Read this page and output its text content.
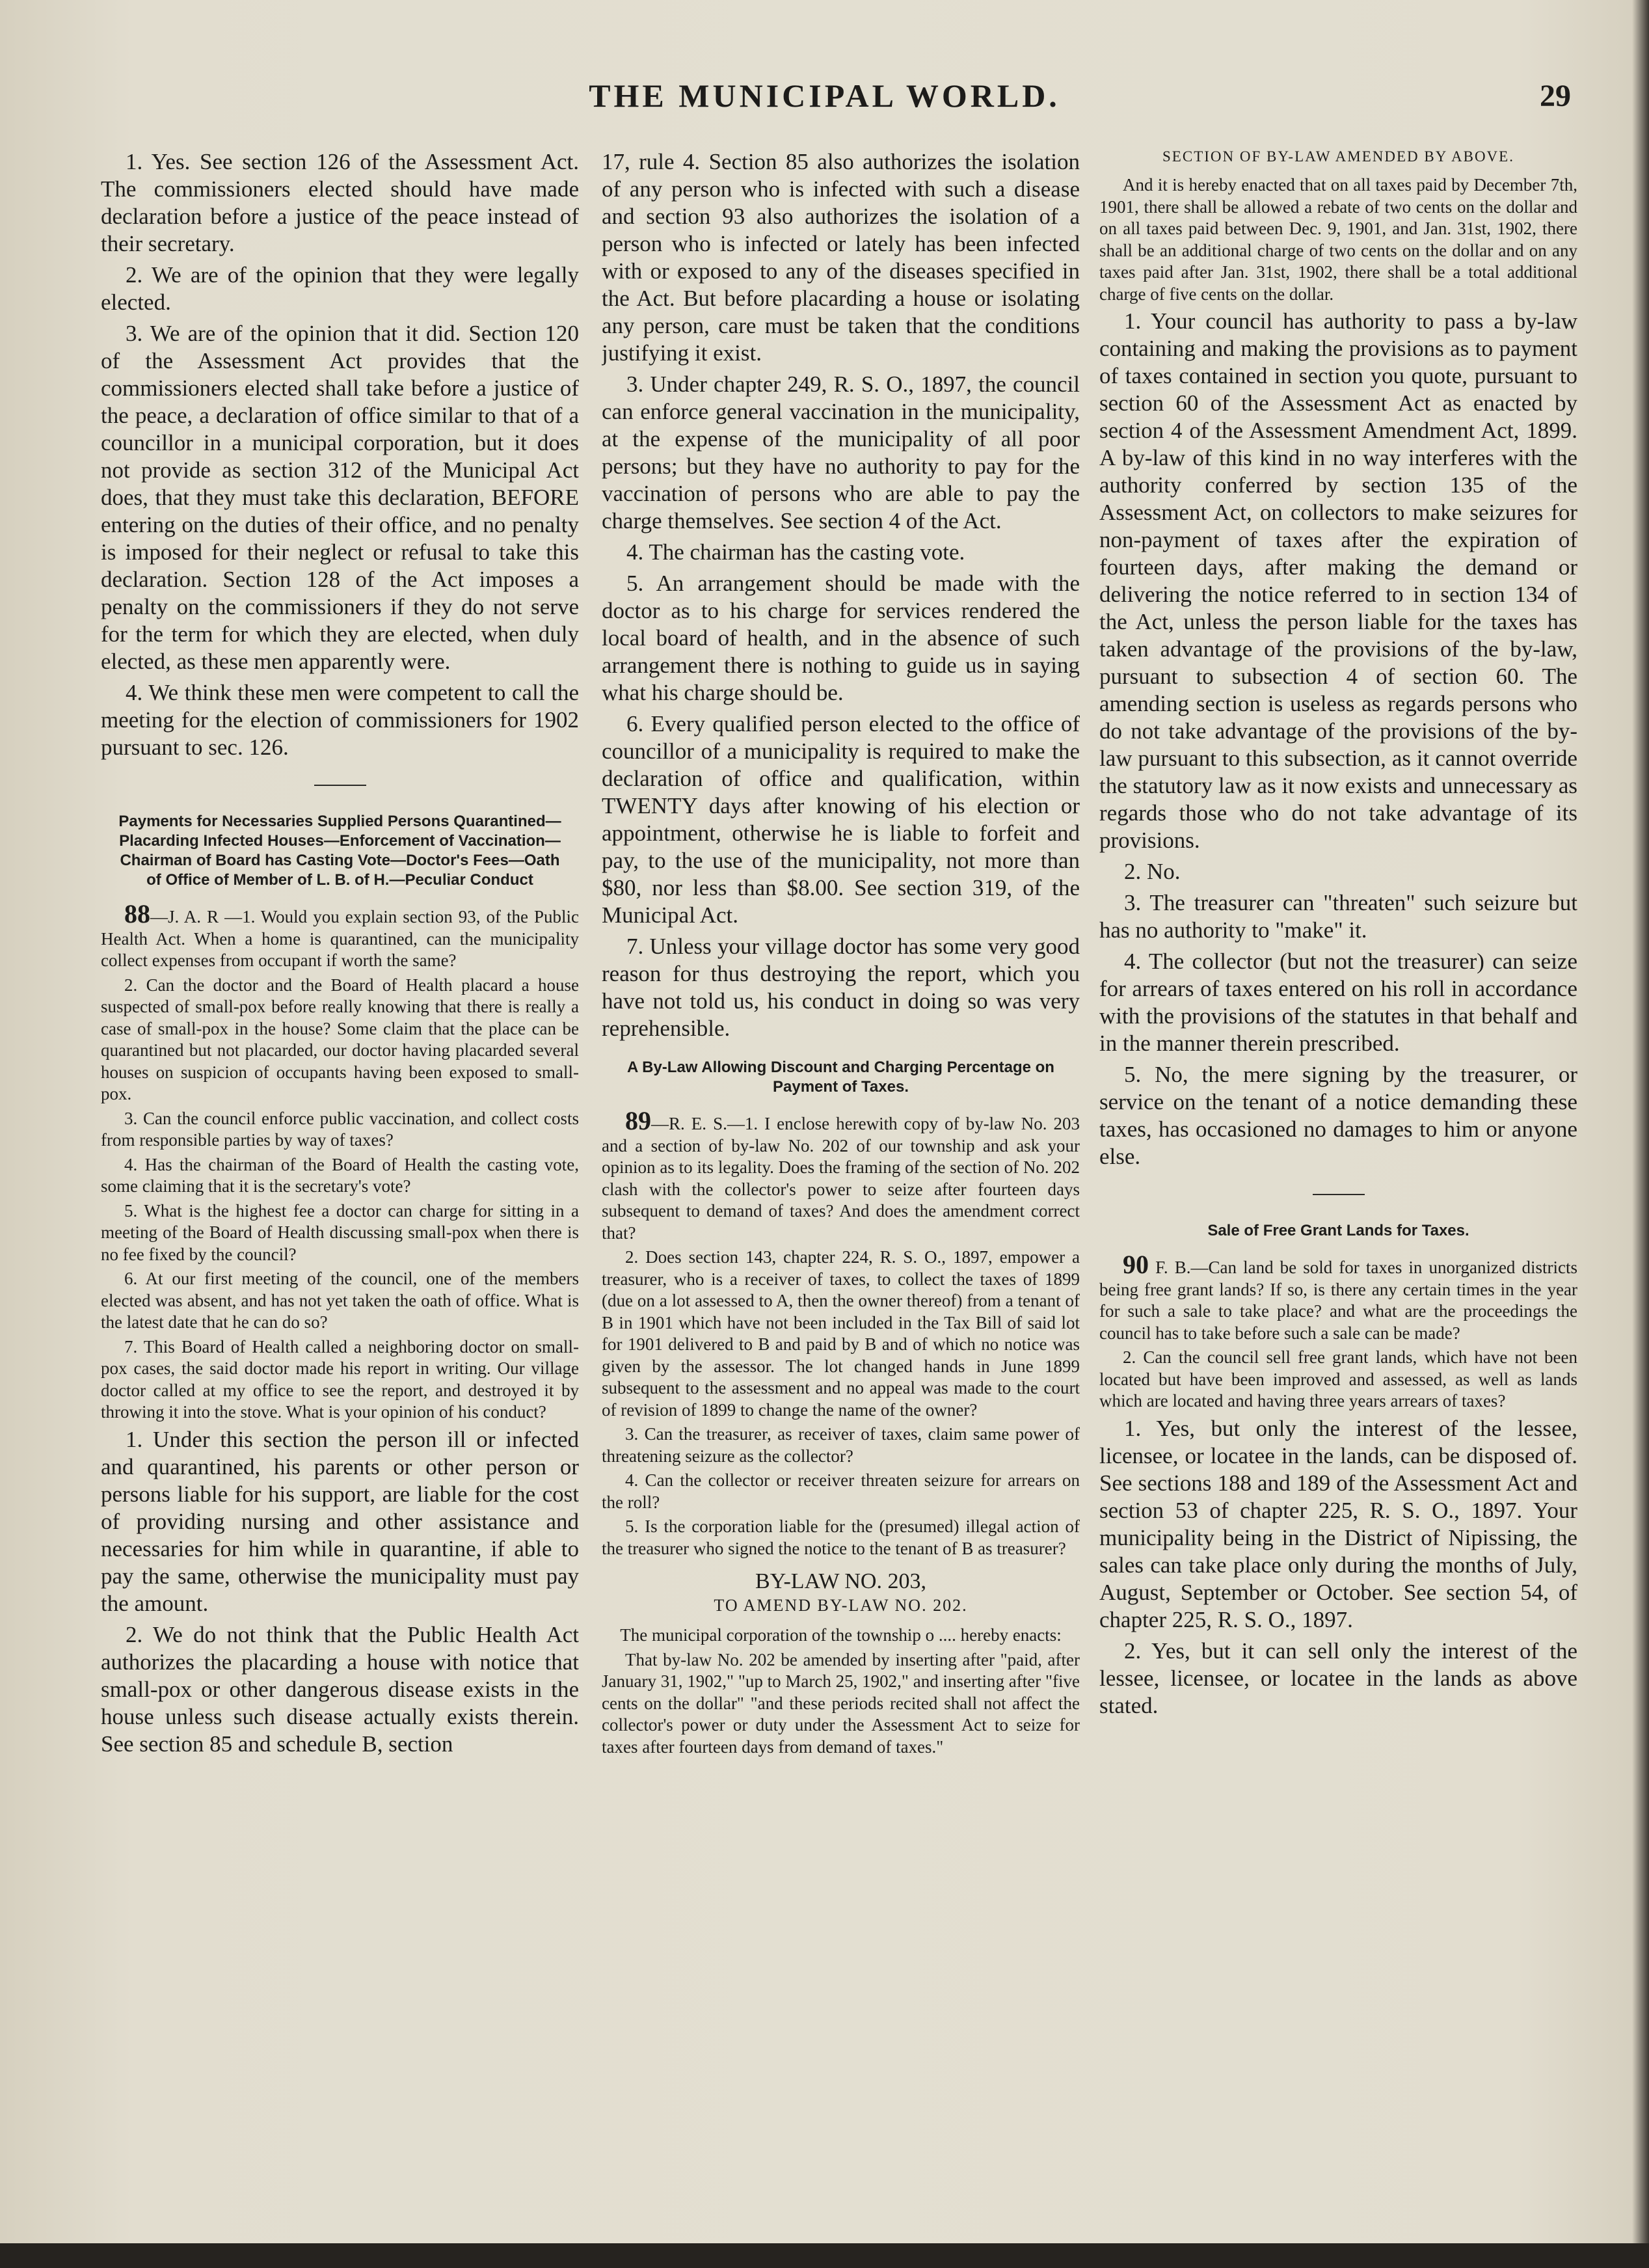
THE MUNICIPAL WORLD.	29

1. Yes. See section 126 of the Assessment Act. The commissioners elected should have made declaration before a justice of the peace instead of their secretary.

2. We are of the opinion that they were legally elected.

3. We are of the opinion that it did. Section 120 of the Assessment Act provides that the commissioners elected shall take before a justice of the peace, a declaration of office similar to that of a councillor in a municipal corporation, but it does not provide as section 312 of the Municipal Act does, that they must take this declaration, BEFORE entering on the duties of their office, and no penalty is imposed for their neglect or refusal to take this declaration. Section 128 of the Act imposes a penalty on the commissioners if they do not serve for the term for which they are elected, when duly elected, as these men apparently were.

4. We think these men were competent to call the meeting for the election of commissioners for 1902 pursuant to sec. 126.

Payments for Necessaries Supplied Persons Quarantined—Placarding Infected Houses—Enforcement of Vaccination—Chairman of Board has Casting Vote—Doctor's Fees—Oath of Office of Member of L. B. of H.—Peculiar Conduct

88—J. A. R —1. Would you explain section 93, of the Public Health Act. When a home is quarantined, can the municipality collect expenses from occupant if worth the same?

2. Can the doctor and the Board of Health placard a house suspected of small-pox before really knowing that there is really a case of small-pox in the house? Some claim that the place can be quarantined but not placarded, our doctor having placarded several houses on suspicion of occupants having been exposed to small-pox.

3. Can the council enforce public vaccination, and collect costs from responsible parties by way of taxes?

4. Has the chairman of the Board of Health the casting vote, some claiming that it is the secretary's vote?

5. What is the highest fee a doctor can charge for sitting in a meeting of the Board of Health discussing small-pox when there is no fee fixed by the council?

6. At our first meeting of the council, one of the members elected was absent, and has not yet taken the oath of office. What is the latest date that he can do so?

7. This Board of Health called a neighboring doctor on small-pox cases, the said doctor made his report in writing. Our village doctor called at my office to see the report, and destroyed it by throwing it into the stove. What is your opinion of his conduct?

1. Under this section the person ill or infected and quarantined, his parents or other person or persons liable for his support, are liable for the cost of providing nursing and other assistance and necessaries for him while in quarantine, if able to pay the same, otherwise the municipality must pay the amount.

2. We do not think that the Public Health Act authorizes the placarding a house with notice that small-pox or other dangerous disease exists in the house unless such disease actually exists therein. See section 85 and schedule B, section

17, rule 4. Section 85 also authorizes the isolation of any person who is infected with such a disease and section 93 also authorizes the isolation of a person who is infected or lately has been infected with or exposed to any of the diseases specified in the Act. But before placarding a house or isolating any person, care must be taken that the conditions justifying it exist.

3. Under chapter 249, R. S. O., 1897, the council can enforce general vaccination in the municipality, at the expense of the municipality of all poor persons; but they have no authority to pay for the vaccination of persons who are able to pay the charge themselves. See section 4 of the Act.

4. The chairman has the casting vote.

5. An arrangement should be made with the doctor as to his charge for services rendered the local board of health, and in the absence of such arrangement there is nothing to guide us in saying what his charge should be.

6. Every qualified person elected to the office of councillor of a municipality is required to make the declaration of office and qualification, within TWENTY days after knowing of his election or appointment, otherwise he is liable to forfeit and pay, to the use of the municipality, not more than $80, nor less than $8.00. See section 319, of the Municipal Act.

7. Unless your village doctor has some very good reason for thus destroying the report, which you have not told us, his conduct in doing so was very reprehensible.

A By-Law Allowing Discount and Charging Percentage on Payment of Taxes.

89—R. E. S.—1. I enclose herewith copy of by-law No. 203 and a section of by-law No. 202 of our township and ask your opinion as to its legality. Does the framing of the section of No. 202 clash with the collector's power to seize after fourteen days subsequent to demand of taxes? And does the amendment correct that?

2. Does section 143, chapter 224, R. S. O., 1897, empower a treasurer, who is a receiver of taxes, to collect the taxes of 1899 (due on a lot assessed to A, then the owner thereof) from a tenant of B in 1901 which have not been included in the Tax Bill of said lot for 1901 delivered to B and paid by B and of which no notice was given by the assessor. The lot changed hands in June 1899 subsequent to the assessment and no appeal was made to the court of revision of 1899 to change the name of the owner?

3. Can the treasurer, as receiver of taxes, claim same power of threatening seizure as the collector?

4. Can the collector or receiver threaten seizure for arrears on the roll?

5. Is the corporation liable for the (presumed) illegal action of the treasurer who signed the notice to the tenant of B as treasurer?

BY-LAW NO. 203,
TO AMEND BY-LAW NO. 202.

The municipal corporation of the township o .... hereby enacts:

That by-law No. 202 be amended by inserting after "paid, after January 31, 1902," "up to March 25, 1902," and inserting after "five cents on the dollar" "and these periods recited shall not affect the collector's power or duty under the Assessment Act to seize for taxes after fourteen days from demand of taxes."

SECTION OF BY-LAW AMENDED BY ABOVE.

And it is hereby enacted that on all taxes paid by December 7th, 1901, there shall be allowed a rebate of two cents on the dollar and on all taxes paid between Dec. 9, 1901, and Jan. 31st, 1902, there shall be an additional charge of two cents on the dollar and on any taxes paid after Jan. 31st, 1902, there shall be a total additional charge of five cents on the dollar.

1. Your council has authority to pass a by-law containing and making the provisions as to payment of taxes contained in section you quote, pursuant to section 60 of the Assessment Act as enacted by section 4 of the Assessment Amendment Act, 1899. A by-law of this kind in no way interferes with the authority conferred by section 135 of the Assessment Act, on collectors to make seizures for non-payment of taxes after the expiration of fourteen days, after making the demand or delivering the notice referred to in section 134 of the Act, unless the person liable for the taxes has taken advantage of the provisions of the by-law, pursuant to subsection 4 of section 60. The amending section is useless as regards persons who do not take advantage of the provisions of the by-law pursuant to this subsection, as it cannot override the statutory law as it now exists and unnecessary as regards those who do not take advantage of its provisions.

2. No.

3. The treasurer can "threaten" such seizure but has no authority to "make" it.

4. The collector (but not the treasurer) can seize for arrears of taxes entered on his roll in accordance with the provisions of the statutes in that behalf and in the manner therein prescribed.

5. No, the mere signing by the treasurer, or service on the tenant of a notice demanding these taxes, has occasioned no damages to him or anyone else.

Sale of Free Grant Lands for Taxes.

90 F. B.—Can land be sold for taxes in unorganized districts being free grant lands? If so, is there any certain times in the year for such a sale to take place? and what are the proceedings the council has to take before such a sale can be made?

2. Can the council sell free grant lands, which have not been located but have been improved and assessed, as well as lands which are located and having three years arrears of taxes?

1. Yes, but only the interest of the lessee, licensee, or locatee in the lands, can be disposed of. See sections 188 and 189 of the Assessment Act and section 53 of chapter 225, R. S. O., 1897. Your municipality being in the District of Nipissing, the sales can take place only during the months of July, August, September or October. See section 54, of chapter 225, R. S. O., 1897.

2. Yes, but it can sell only the interest of the lessee, licensee, or locatee in the lands as above stated.
